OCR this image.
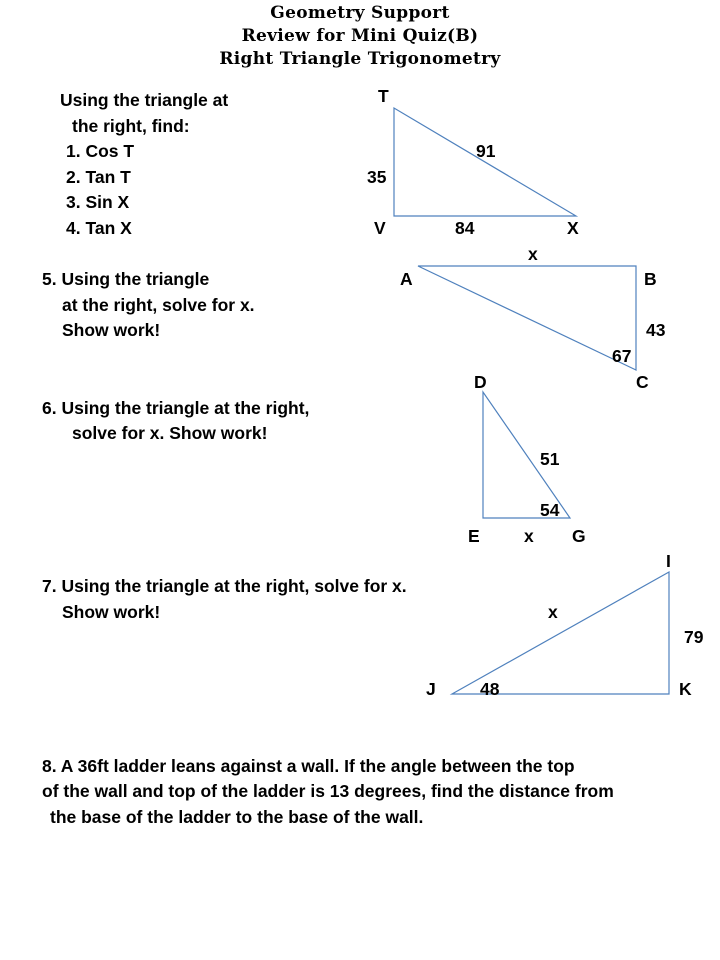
Geometry Support
Review for Mini Quiz(B)
Right Triangle Trigonometry
Using the triangle at
the right, find:
1. Cos T
2. Tan T
3. Sin X
4. Tan X
T
91
35
V	84	X
5. Using the triangle
at the right, solve for x.
Show work!
x
A	B
43
67
C
6. Using the triangle at the right,
solve for x. Show work!
D
51
54
E	x G
7. Using the triangle at the right, solve for x.
Show work!
I
x
79
J	48	K
8. A 36ft ladder leans against a wall. If the angle between the top
of the wall and top of the ladder is 13 degrees, find the distance from
the base of the ladder to the base of the wall.
